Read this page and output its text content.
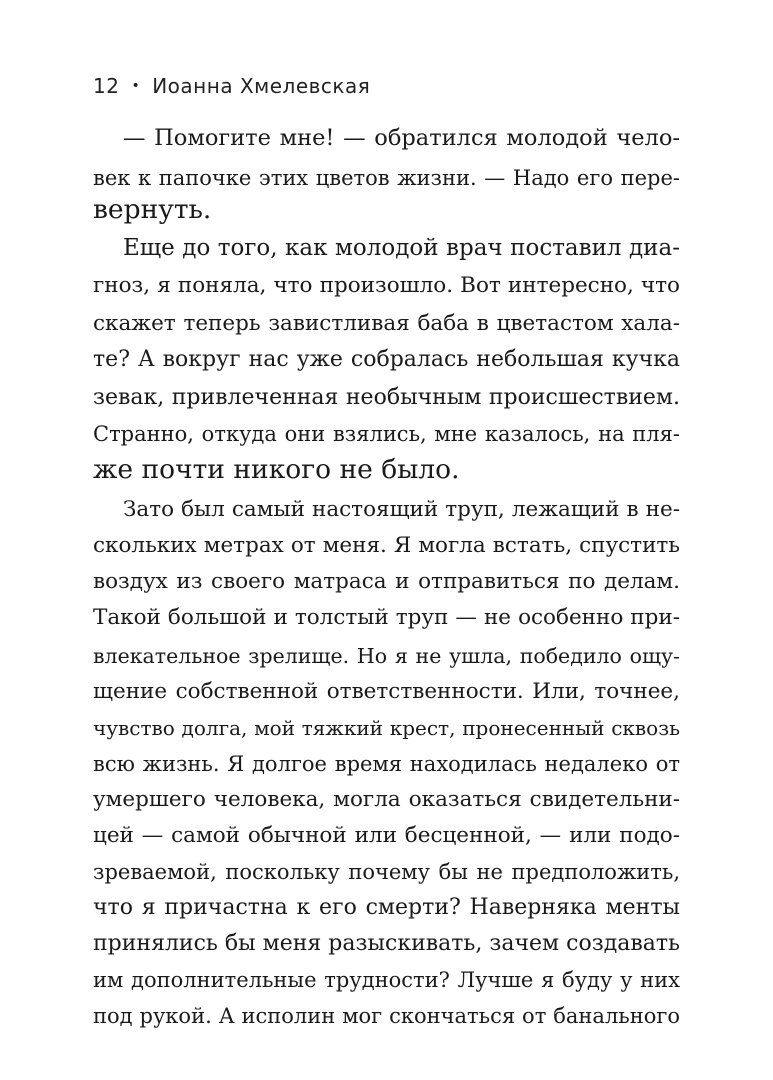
12 • Иоанна Хмелевская
— Помогите мне! — обратился молодой чело-
век к папочке этих цветов жизни. — Надо его пере-
вернуть.
Еще до того, как молодой врач поставил диа-
гноз, я поняла, что произошло. Вот интересно, что
скажет теперь завистливая баба в цветастом хала-
те? А вокруг нас уже собралась небольшая кучка
зевак, привлеченная необычным происшествием.
Странно, откуда они взялись, мне казалось, на пля-
же почти никого не было.
Зато был самый настоящий труп, лежащий в не-
скольких метрах от меня. Я могла встать, спустить
воздух из своего матраса и отправиться по делам.
Такой большой и толстый труп — не особенно при-
влекательное зрелище. Но я не ушла, победило ощу-
щение собственной ответственности. Или, точнее,
чувство долга, мой тяжкий крест, пронесенный сквозь
всю жизнь. Я долгое время находилась недалеко от
умершего человека, могла оказаться свидетельни-
цей — самой обычной или бесценной, — или подо-
зреваемой, поскольку почему бы не предположить,
что я причастна к его смерти? Наверняка менты
принялись бы меня разыскивать, зачем создавать
им дополнительные трудности? Лучше я буду у них
под рукой. А исполин мог скончаться от банального
